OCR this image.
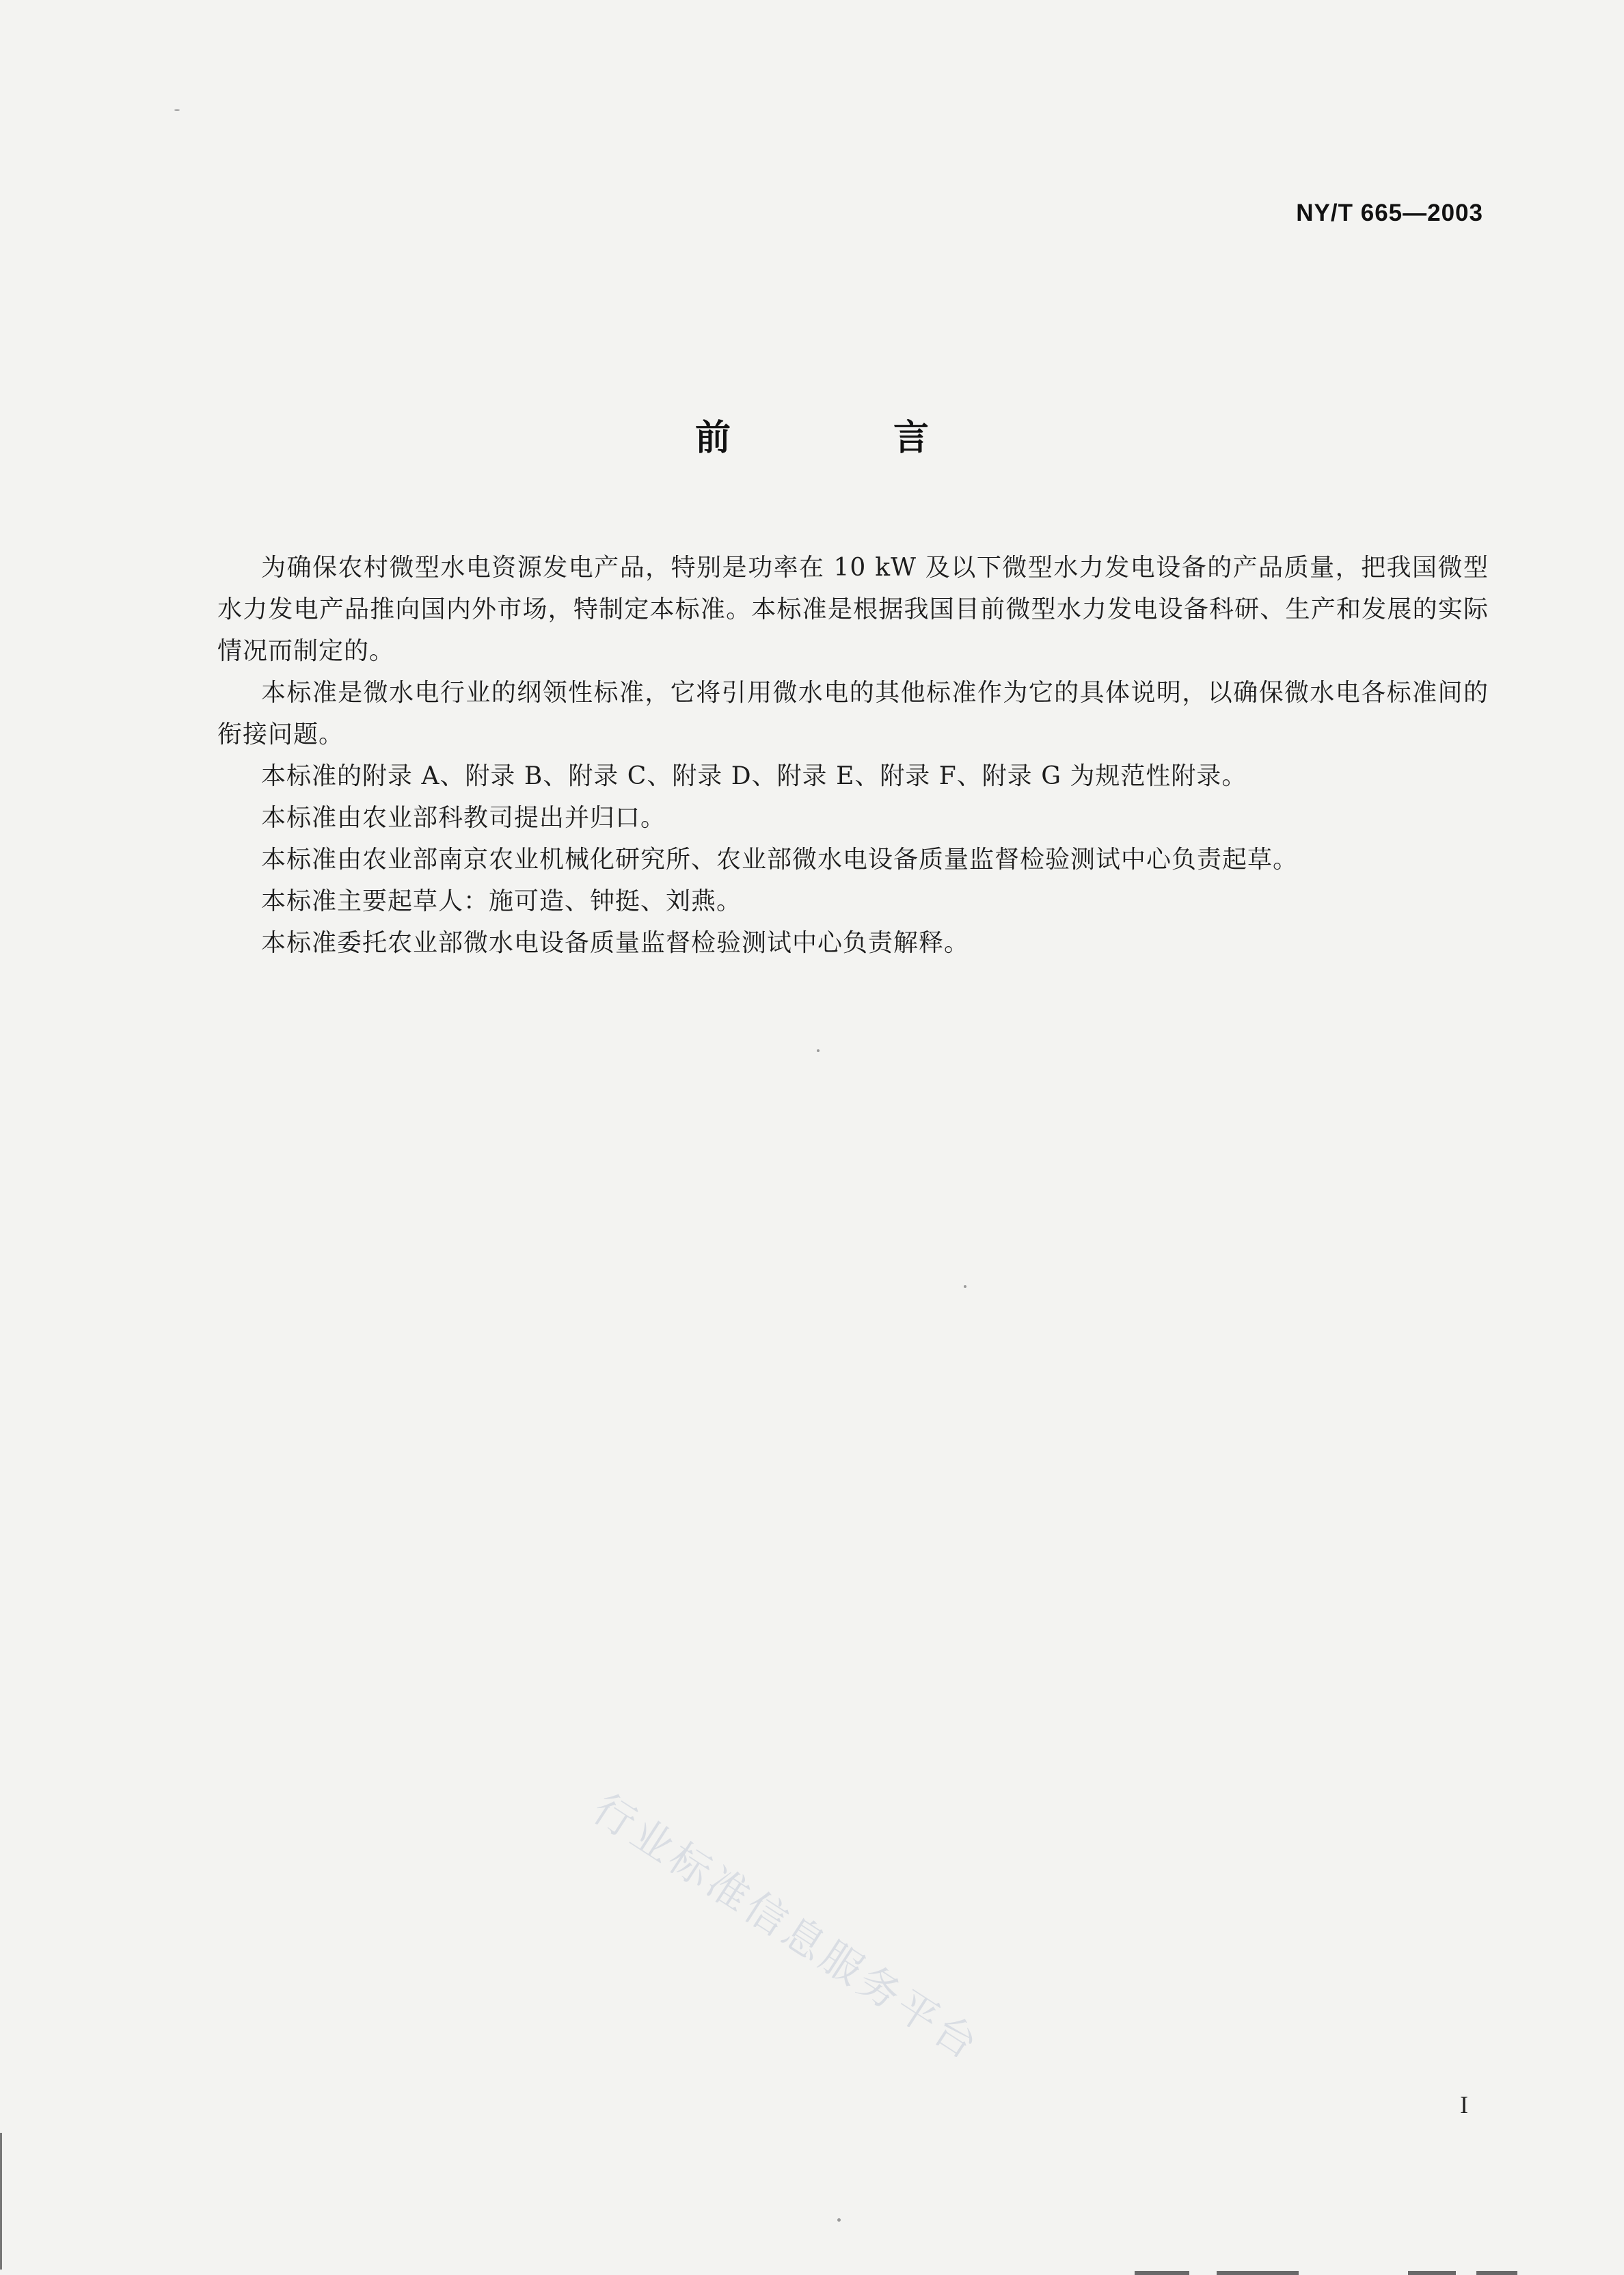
NY/T 665—2003
前 言

为确保农村微型水电资源发电产品，特别是功率在 10 kW 及以下微型水力发电设备的产品质量，把我国微型水力发电产品推向国内外市场，特制定本标准。本标准是根据我国目前微型水力发电设备科研、生产和发展的实际情况而制定的。

本标准是微水电行业的纲领性标准，它将引用微水电的其他标准作为它的具体说明，以确保微水电各标准间的衔接问题。

本标准的附录 A、附录 B、附录 C、附录 D、附录 E、附录 F、附录 G 为规范性附录。

本标准由农业部科教司提出并归口。

本标准由农业部南京农业机械化研究所、农业部微水电设备质量监督检验测试中心负责起草。

本标准主要起草人：施可造、钟挺、刘燕。

本标准委托农业部微水电设备质量监督检验测试中心负责解释。

行业标准信息服务平台
I
